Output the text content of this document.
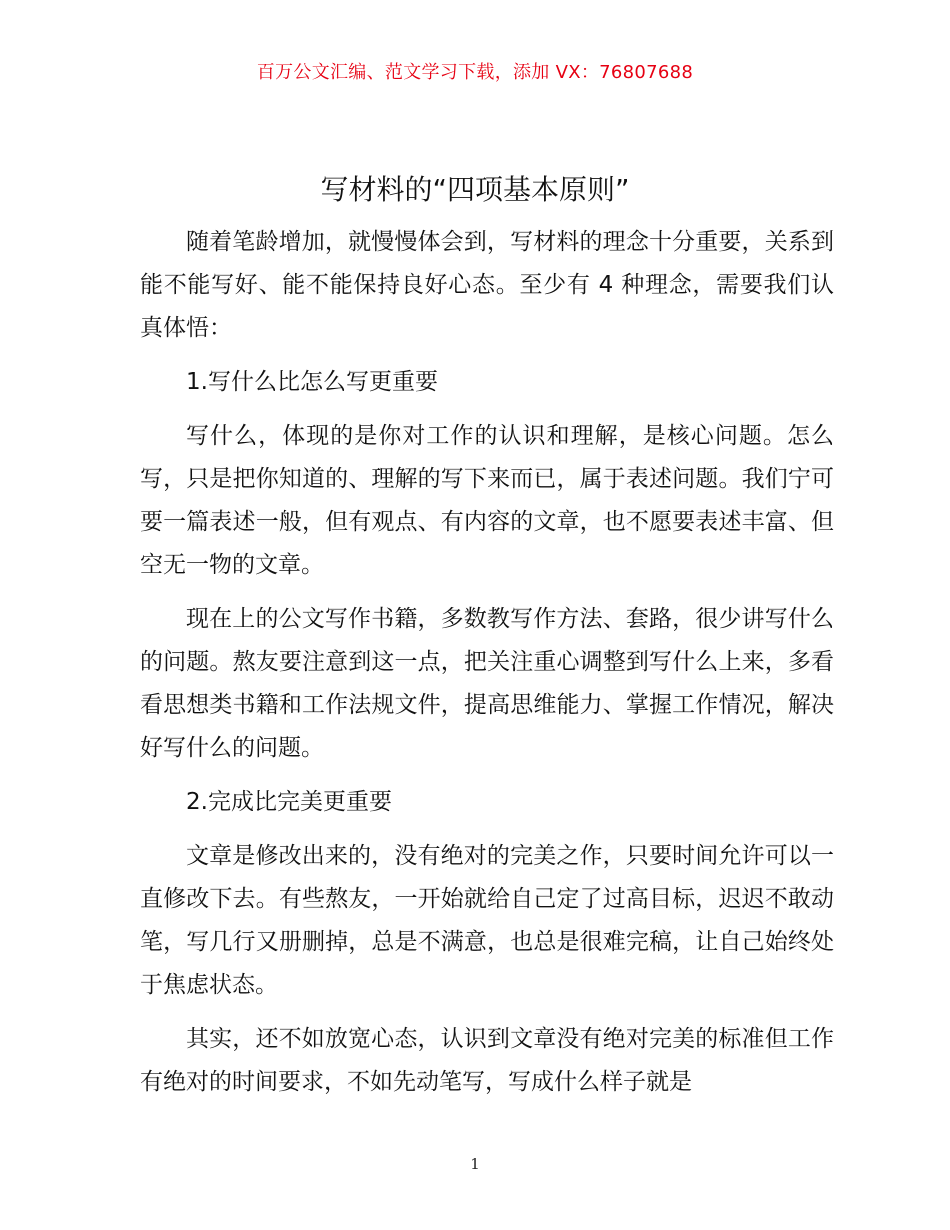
百万公文汇编、范文学习下载，添加 VX：76807688
写材料的“四项基本原则”

随着笔龄增加，就慢慢体会到，写材料的理念十分重要，关系到能不能写好、能不能保持良好心态。至少有 4 种理念，需要我们认真体悟：

1.写什么比怎么写更重要

写什么，体现的是你对工作的认识和理解，是核心问题。怎么写，只是把你知道的、理解的写下来而已，属于表述问题。我们宁可要一篇表述一般，但有观点、有内容的文章，也不愿要表述丰富、但空无一物的文章。

现在上的公文写作书籍，多数教写作方法、套路，很少讲写什么的问题。熬友要注意到这一点，把关注重心调整到写什么上来，多看看思想类书籍和工作法规文件，提高思维能力、掌握工作情况，解决好写什么的问题。

2.完成比完美更重要

文章是修改出来的，没有绝对的完美之作，只要时间允许可以一直修改下去。有些熬友，一开始就给自己定了过高目标，迟迟不敢动笔，写几行又册删掉，总是不满意，也总是很难完稿，让自己始终处于焦虑状态。

其实，还不如放宽心态，认识到文章没有绝对完美的标准但工作有绝对的时间要求，不如先动笔写，写成什么样子就是

1
